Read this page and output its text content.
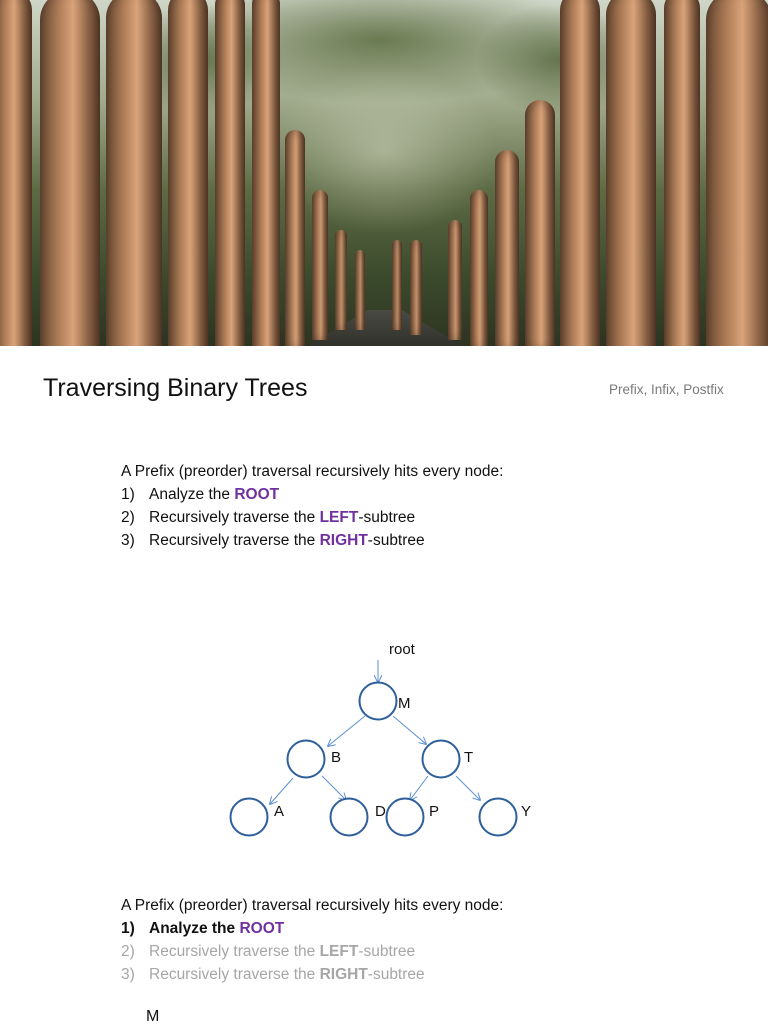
Traversing Binary Trees	Prefix, Infix, Postfix
A Prefix (preorder) traversal recursively hits every node:
1) Analyze the ROOT
2) Recursively traverse the LEFT-subtree
3) Recursively traverse the RIGHT-subtree
root
M
B	T
A	D	P	Y
A Prefix (preorder) traversal recursively hits every node:
1) Analyze the ROOT
2) Recursively traverse the LEFT-subtree
3) Recursively traverse the RIGHT-subtree
M
